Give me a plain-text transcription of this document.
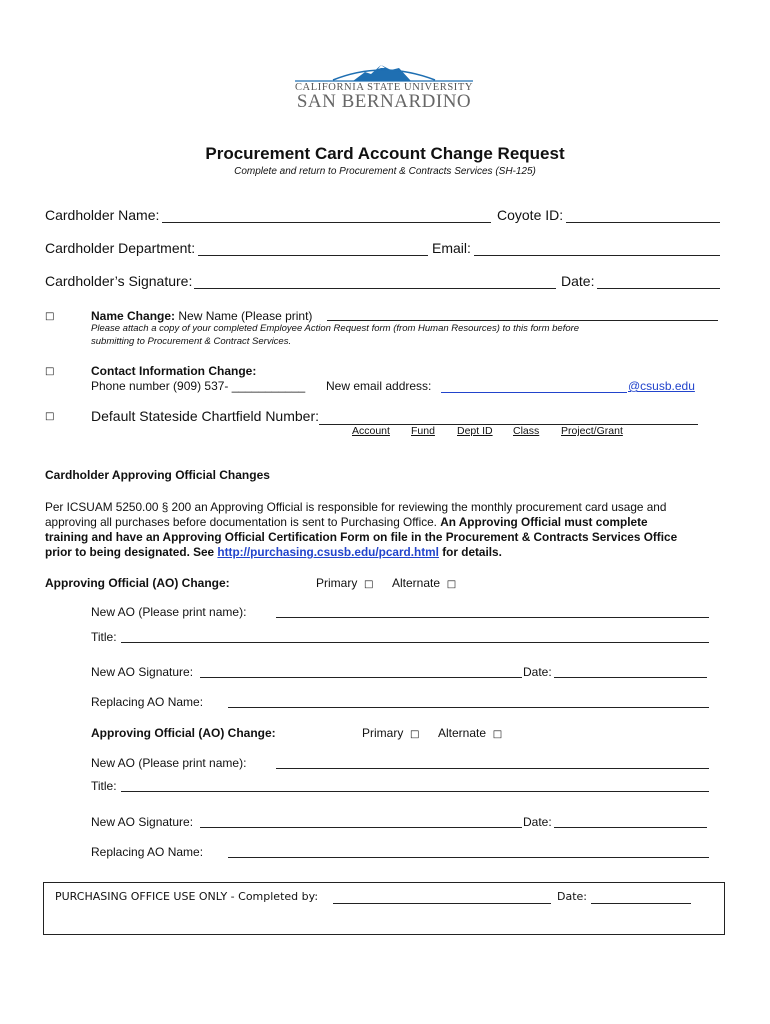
CALIFORNIA STATE UNIVERSITY
SAN BERNARDINO
Procurement Card Account Change Request
Complete and return to Procurement & Contracts Services (SH-125)
Cardholder Name:	Coyote ID:
Cardholder Department:	Email:
Cardholder’s Signature:	Date:
□	Name Change: New Name (Please print)
Please attach a copy of your completed Employee Action Request form (from Human Resources) to this form before
submitting to Procurement & Contract Services.
□	Contact Information Change:
Phone number (909) 537- ___________ New email address:	@csusb.edu
□	Default Stateside Chartfield Number:
Account Fund Dept ID Class Project/Grant
Cardholder Approving Official Changes
Per ICSUAM 5250.00 § 200 an Approving Official is responsible for reviewing the monthly procurement card usage and
approving all purchases before documentation is sent to Purchasing Office. An Approving Official must complete
training and have an Approving Official Certification Form on file in the Procurement & Contracts Services Office
prior to being designated. See http://purchasing.csusb.edu/pcard.html for details.
Approving Official (AO) Change:	Primary □ Alternate □
New AO (Please print name):
Title:
New AO Signature:	Date:
Replacing AO Name:
Approving Official (AO) Change:	Primary □ Alternate □
New AO (Please print name):
Title:
New AO Signature:	Date:
Replacing AO Name:
PURCHASING OFFICE USE ONLY - Completed by:	Date:
